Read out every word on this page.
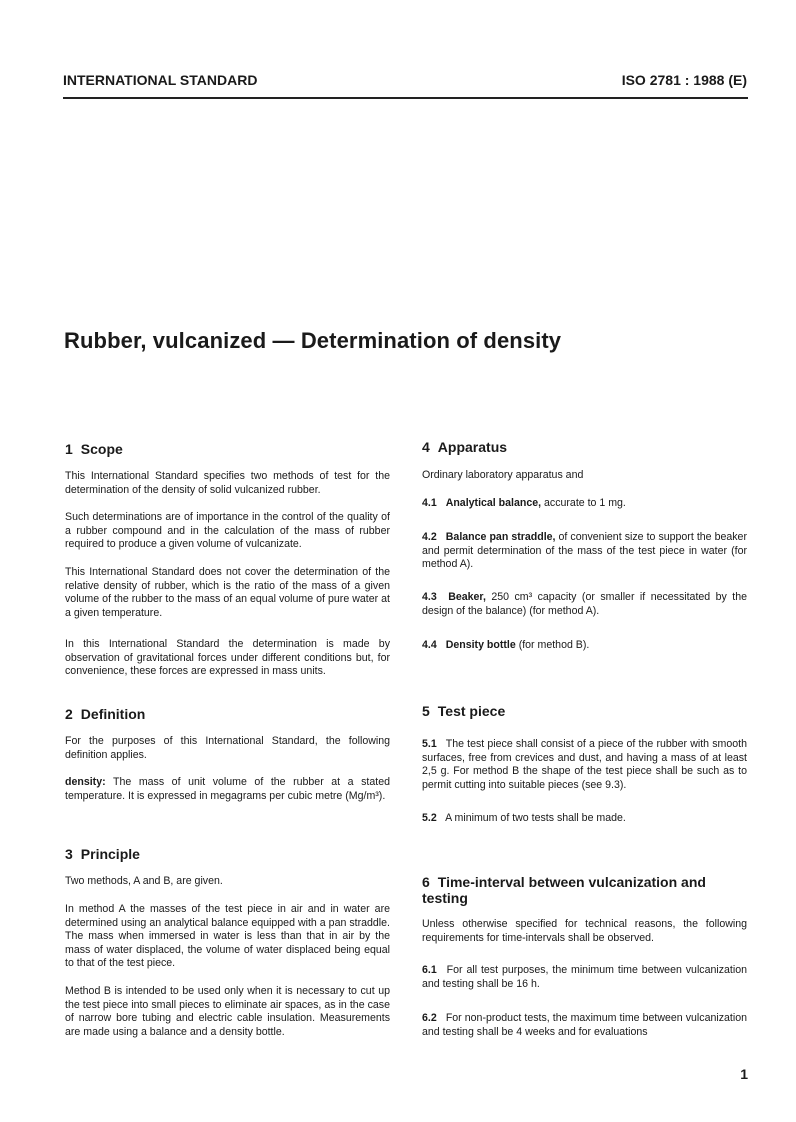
INTERNATIONAL STANDARD	ISO 2781 : 1988 (E)
Rubber, vulcanized — Determination of density
1 Scope

This International Standard specifies two methods of test for the determination of the density of solid vulcanized rubber.

Such determinations are of importance in the control of the quality of a rubber compound and in the calculation of the mass of rubber required to produce a given volume of vulcanizate.

This International Standard does not cover the determination of the relative density of rubber, which is the ratio of the mass of a given volume of the rubber to the mass of an equal volume of pure water at a given temperature.

In this International Standard the determination is made by observation of gravitational forces under different conditions but, for convenience, these forces are expressed in mass units.

2 Definition

For the purposes of this International Standard, the following definition applies.

density: The mass of unit volume of the rubber at a stated temperature. It is expressed in megagrams per cubic metre (Mg/m³).

3 Principle

Two methods, A and B, are given.

In method A the masses of the test piece in air and in water are determined using an analytical balance equipped with a pan straddle. The mass when immersed in water is less than that in air by the mass of water displaced, the volume of water displaced being equal to that of the test piece.

Method B is intended to be used only when it is necessary to cut up the test piece into small pieces to eliminate air spaces, as in the case of narrow bore tubing and electric cable insulation. Measurements are made using a balance and a density bottle.

4 Apparatus

Ordinary laboratory apparatus and

4.1 Analytical balance, accurate to 1 mg.

4.2 Balance pan straddle, of convenient size to support the beaker and permit determination of the mass of the test piece in water (for method A).

4.3 Beaker, 250 cm³ capacity (or smaller if necessitated by the design of the balance) (for method A).

4.4 Density bottle (for method B).

5 Test piece

5.1 The test piece shall consist of a piece of the rubber with smooth surfaces, free from crevices and dust, and having a mass of at least 2,5 g. For method B the shape of the test piece shall be such as to permit cutting into suitable pieces (see 9.3).

5.2 A minimum of two tests shall be made.

6 Time-interval between vulcanization and testing

Unless otherwise specified for technical reasons, the following requirements for time-intervals shall be observed.

6.1 For all test purposes, the minimum time between vulcanization and testing shall be 16 h.

6.2 For non-product tests, the maximum time between vulcanization and testing shall be 4 weeks and for evaluations

1
